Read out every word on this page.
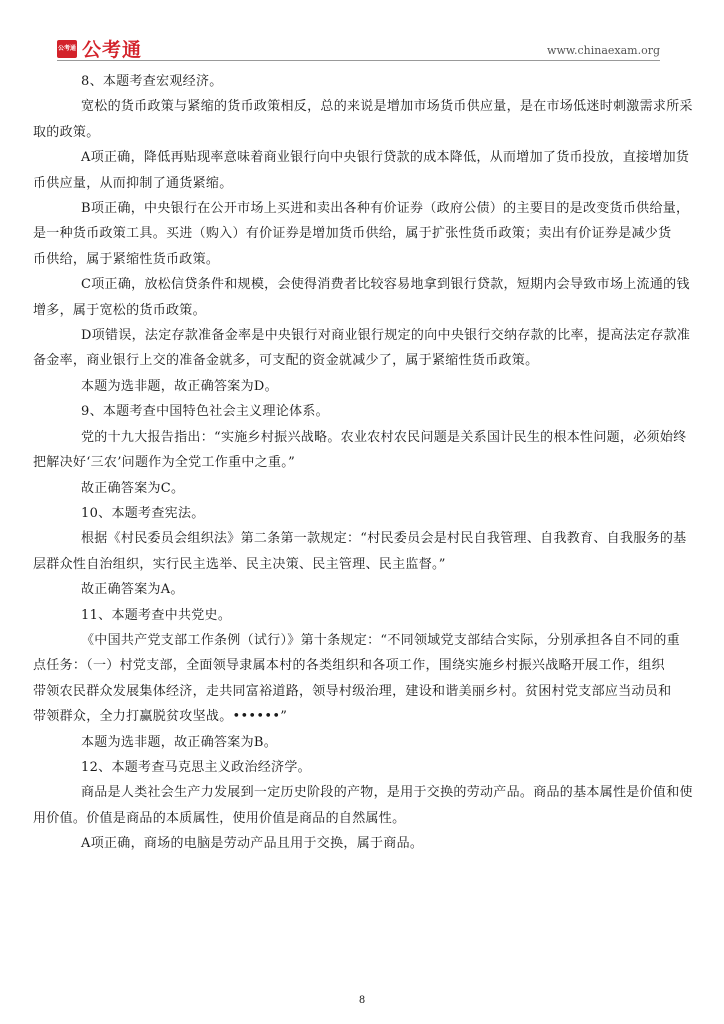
公考通 公考通	www.chinaexam.org
8、本题考查宏观经济。
宽松的货币政策与紧缩的货币政策相反，总的来说是增加市场货币供应量，是在市场低迷时刺激需求所采
取的政策。
A项正确，降低再贴现率意味着商业银行向中央银行贷款的成本降低，从而增加了货币投放，直接增加货
币供应量，从而抑制了通货紧缩。
B项正确，中央银行在公开市场上买进和卖出各种有价证券（政府公债）的主要目的是改变货币供给量，
是一种货币政策工具。买进（购入）有价证券是增加货币供给，属于扩张性货币政策；卖出有价证券是减少货
币供给，属于紧缩性货币政策。
C项正确，放松信贷条件和规模，会使得消费者比较容易地拿到银行贷款，短期内会导致市场上流通的钱
增多，属于宽松的货币政策。
D项错误，法定存款准备金率是中央银行对商业银行规定的向中央银行交纳存款的比率，提高法定存款准
备金率，商业银行上交的准备金就多，可支配的资金就减少了，属于紧缩性货币政策。
本题为选非题，故正确答案为D。
9、本题考查中国特色社会主义理论体系。
党的十九大报告指出：“实施乡村振兴战略。农业农村农民问题是关系国计民生的根本性问题，必须始终
把解决好‘三农’问题作为全党工作重中之重。”
故正确答案为C。
10、本题考查宪法。
根据《村民委员会组织法》第二条第一款规定：“村民委员会是村民自我管理、自我教育、自我服务的基
层群众性自治组织，实行民主选举、民主决策、民主管理、民主监督。”
故正确答案为A。
11、本题考查中共党史。
《中国共产党支部工作条例（试行）》第十条规定：“不同领域党支部结合实际，分别承担各自不同的重
点任务：（一）村党支部，全面领导隶属本村的各类组织和各项工作，围绕实施乡村振兴战略开展工作，组织
带领农民群众发展集体经济，走共同富裕道路，领导村级治理，建设和谐美丽乡村。贫困村党支部应当动员和
带领群众，全力打赢脱贫攻坚战。••••••”
本题为选非题，故正确答案为B。
12、本题考查马克思主义政治经济学。
商品是人类社会生产力发展到一定历史阶段的产物，是用于交换的劳动产品。商品的基本属性是价值和使
用价值。价值是商品的本质属性，使用价值是商品的自然属性。
A项正确，商场的电脑是劳动产品且用于交换，属于商品。
8
